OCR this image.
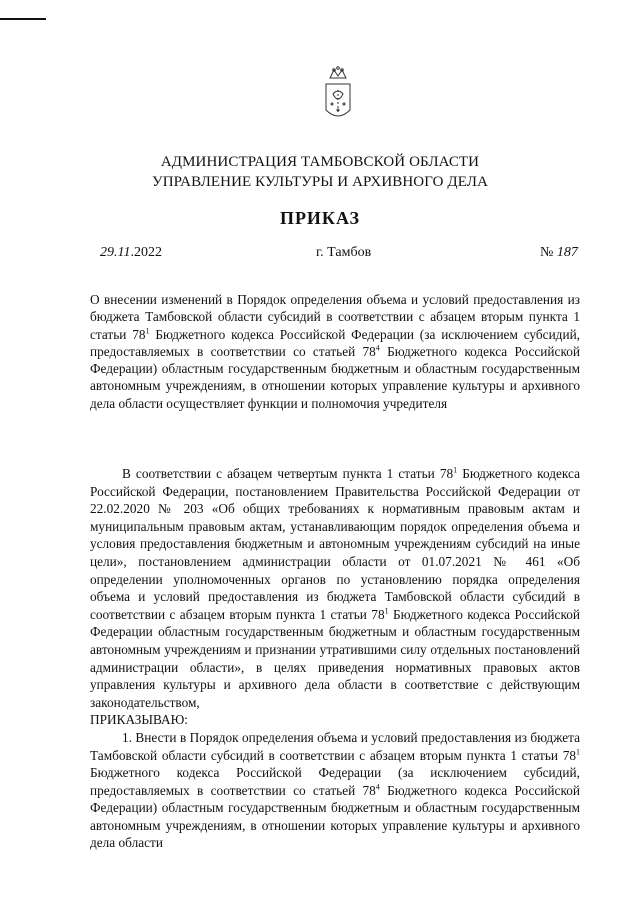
АДМИНИСТРАЦИЯ ТАМБОВСКОЙ ОБЛАСТИ
УПРАВЛЕНИЕ КУЛЬТУРЫ И АРХИВНОГО ДЕЛА
ПРИКАЗ
29.11.2022	г. Тамбов	№ 187
О внесении изменений в Порядок определения объема и условий предоставления из бюджета Тамбовской области субсидий в соответствии с абзацем вторым пункта 1 статьи $78^1$ Бюджетного кодекса Российской Федерации (за исключением субсидий, предоставляемых в соответствии со статьей $78^4$ Бюджетного кодекса Российской Федерации) областным государственным бюджетным и областным государственным автономным учреждениям, в отношении которых управление культуры и архивного дела области осуществляет функции и полномочия учредителя

В соответствии с абзацем четвертым пункта 1 статьи $78^1$ Бюджетного кодекса Российской Федерации, постановлением Правительства Российской Федерации от 22.02.2020 № 203 «Об общих требованиях к нормативным правовым актам и муниципальным правовым актам, устанавливающим порядок определения объема и условия предоставления бюджетным и автономным учреждениям субсидий на иные цели», постановлением администрации области от 01.07.2021 № 461 «Об определении уполномоченных органов по установлению порядка определения объема и условий предоставления из бюджета Тамбовской области субсидий в соответствии с абзацем вторым пункта 1 статьи $78^1$ Бюджетного кодекса Российской Федерации областным государственным бюджетным и областным государственным автономным учреждениям и признании утратившими силу отдельных постановлений администрации области», в целях приведения нормативных правовых актов управления культуры и архивного дела области в соответствие с действующим законодательством,

ПРИКАЗЫВАЮ:

1. Внести в Порядок определения объема и условий предоставления из бюджета Тамбовской области субсидий в соответствии с абзацем вторым пункта 1 статьи $78^1$ Бюджетного кодекса Российской Федерации (за исключением субсидий, предоставляемых в соответствии со статьей $78^4$ Бюджетного кодекса Российской Федерации) областным государственным бюджетным и областным государственным автономным учреждениям, в отношении которых управление культуры и архивного дела области
